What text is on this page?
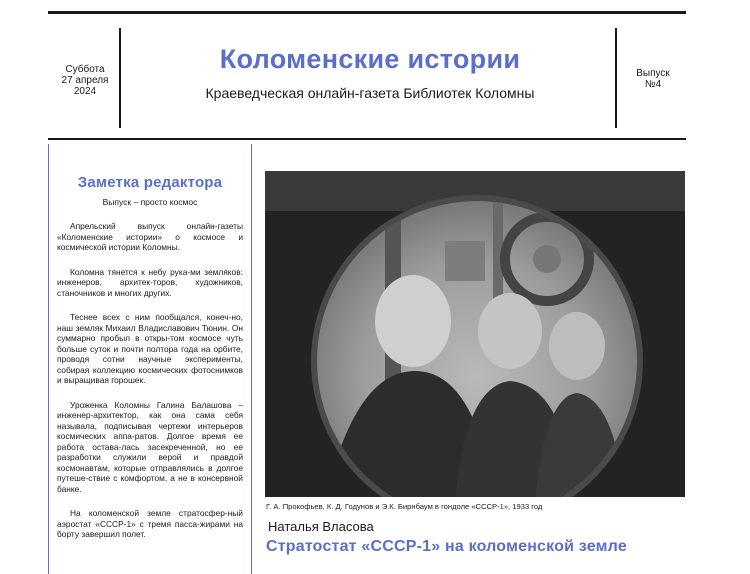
Суббота
27 апреля
2024
Коломенские истории
Краеведческая онлайн-газета Библиотек Коломны
Выпуск
№4
Заметка редактора
Выпуск – просто космос

Апрельский выпуск онлайн-газеты «Коломенские истории» о космосе и космической истории Коломны.

Коломна тянется к небу рука-ми земляков: инженеров, архитек-торов, художников, станочников и многих других.

Теснее всех с ним пообщался, конеч-но, наш земляк Михаил Владиславович Тюнин. Он суммарно пробыл в откры-том космосе чуть больше суток и почти полтора года на орбите, проводя сотни научные эксперименты, собирая коллекцию космических фотоснимков и выращивая горошек.

Уроженка Коломны Галина Балашова – инженер-архитектор, как она сама себя называла, подписывая чертежи интерьеров космических аппа-ратов. Долгое время ее работа остава-лась засекреченной, но ее разработки служили верой и правдой космонавтам, которые отправлялись в долгое путеше-ствие с комфортом, а не в консервной банке.

На коломенской земле стратосфер-ный аэростат «СССР-1» с тремя пасса-жирами на борту завершил полет.

Г. А. Прокофьев, К. Д. Годунов и Э.К. Бирнбаум в гондоле «СССР-1», 1933 год
Наталья Власова
Стратостат «СССР-1» на коломенской земле
